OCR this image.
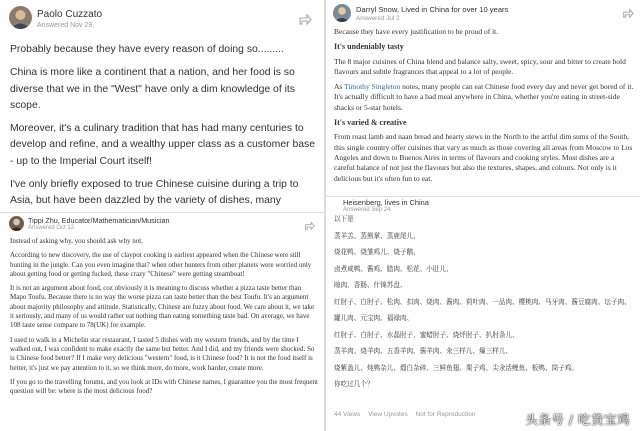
Paolo Cuzzato
Answered Nov 29,

Probably because they have every reason of doing so.........

China is more like a continent that a nation, and her food is so diverse that we in the "West" have only a dim knowledge of its scope.

Moreover, it's a culinary tradition that has had many centuries to develop and refine, and a wealthy upper class as a customer base - up to the Imperial Court itself!

I've only briefly exposed to true Chinese cuisine during a trip to Asia, but have been dazzled by the variety of dishes, many

Tippi Zhu, Educator/Mathematician/Musician
Answered Oct 12

Instead of asking why, you should ask why not.

According to new discovery, the use of claypot cooking is earliest appeared when the Chinese were still hunting in the jungle. Can you even imagine that? when other hunters from other planets were worried only about getting food or getting fucked, these crazy "Chinese" were getting steamboat!

It is not an argument about food, coz obviously it is meaning to discuss whether a pizza taste better than Mapo Toufu. Because there is no way the worse pizza can taste better than the best Toufu. It's an argument about majority philosophy and attitude. Statistically, Chinese are fuzzy about food. We care about it, we take it seriously, and many of us would rather eat nothing than eating something taste bad. On average, we have 108 taste sense compare to 78(UK) for example.

I used to walk in a Michelin star restaurant, I tasted 5 dishes with my western friends, and by the time I walked out, I was confident to make exactly the same but better. And I did, and my friends were shocked. So is Chinese food better? If I make very delicious "western" food, is it Chinese food? It is not the food itself is better, it's just we pay attention to it, so we think more, do more, work harder, create more.

If you go to the travelling forums, and you look at IDs with Chinese names, I guarantee you the most frequent question will be: where is the most delicious food?

Darryl Snow, Lived in China for over 10 years
Answered Jul 2

Because they have every justification to be proud of it.

It's undeniably tasty

The 8 major cuisines of China blend and balance salty, sweet, spicy, sour and bitter to create bold flavours and subtle fragrances that appeal to a lot of people.

As Timothy Singleton notes, many people can eat Chinese food every day and never get bored of it. It's actually difficult to have a bad meal anywhere in China, whether you're eating in street-side shacks or 5-star hotels.

It's varied & creative

From roast lamb and naan bread and hearty stews in the North to the artful dim sums of the South, this single country offer cuisines that vary as much as those covering all areas from Moscow to Los Angeles and down to Buenos Aires in terms of flavours and cooking styles. Most dishes are a careful balance of not just the flavours but also the textures, shapes, and colours. Not only is it delicious but it's often fun to eat.

Heisenberg, lives in China
Answered Sep 24
以下是
蒸羊羔、蒸熊掌、蒸鹿尾儿、
烧花鸭、烧雏鸡儿、烧子鹅、
卤煮咸鸭、酱鸡、腊肉、松花、小肚儿、
晾肉、香肠、什锦苏盘、
红肘子、白肘子、松肉、扣肉、烧肉、酱肉、荷叶肉、一品肉、樱桃肉、马牙肉、酱豆腐肉、坛子肉、罐儿肉、元宝肉、福禄肉、
红肘子、白肘子、水晶肘子、蜜蜡肘子、烧烀肘子、扒肘条儿、
蒸羊肉、烧羊肉、五香羊肉、酱羊肉、汆三样儿、爆三样儿、
烧紫盖儿、炖鸭杂儿、熘白杂碎、三鲜鱼翅、栗子鸡、尖氽活鲤鱼、板鸭、筒子鸡。
你吃过几个？
44 Views View Upvotes Not for Reproduction	头条号 / 吃货宝鸡
